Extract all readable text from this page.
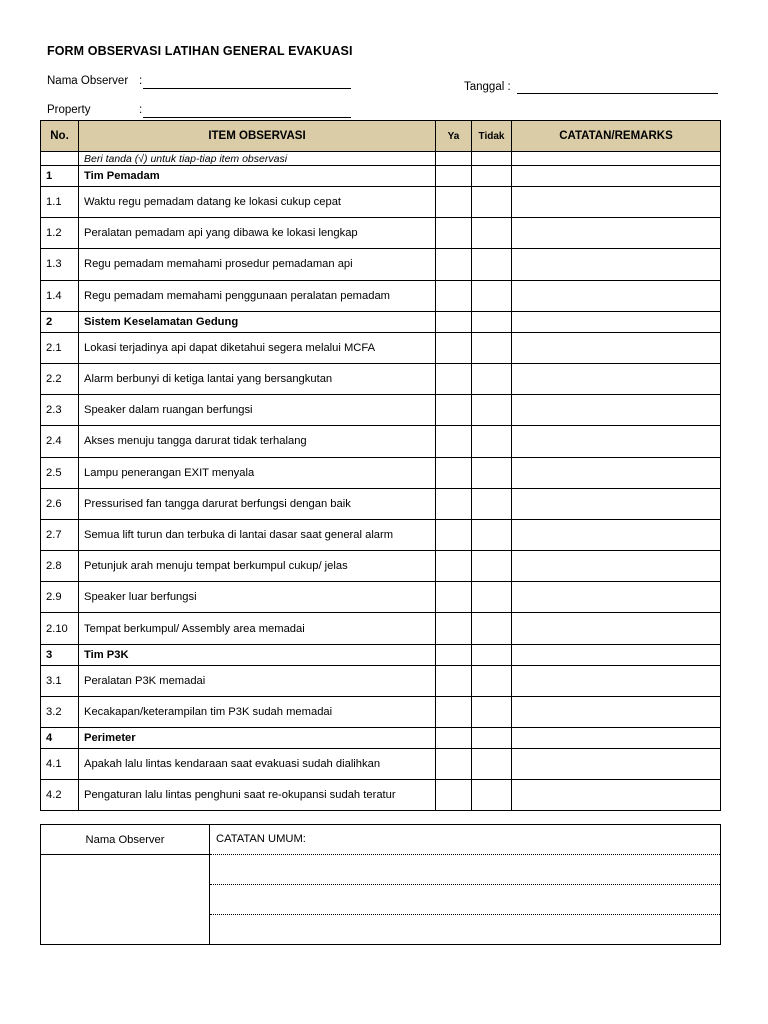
FORM OBSERVASI LATIHAN GENERAL EVAKUASI
Nama Observer :
Property	:
Tanggal :
No.	ITEM OBSERVASI	Ya	Tidak	CATATAN/REMARKS
	Beri tanda (√) untuk tiap-tiap item observasi			
1	Tim Pemadam			
1.1	Waktu regu pemadam datang ke lokasi cukup cepat			
1.2	Peralatan pemadam api yang dibawa ke lokasi lengkap			
1.3	Regu pemadam memahami prosedur pemadaman api			
1.4	Regu pemadam memahami penggunaan peralatan pemadam			
2	Sistem Keselamatan Gedung			
2.1	Lokasi terjadinya api dapat diketahui segera melalui MCFA			
2.2	Alarm berbunyi di ketiga lantai yang bersangkutan			
2.3	Speaker dalam ruangan berfungsi			
2.4	Akses menuju tangga darurat tidak terhalang			
2.5	Lampu penerangan EXIT menyala			
2.6	Pressurised fan tangga darurat berfungsi dengan baik			
2.7	Semua lift turun dan terbuka di lantai dasar saat general alarm			
2.8	Petunjuk arah menuju tempat berkumpul cukup/ jelas			
2.9	Speaker luar berfungsi			
2.10	Tempat berkumpul/ Assembly area memadai			
3	Tim P3K			
3.1	Peralatan P3K memadai			
3.2	Kecakapan/keterampilan tim P3K sudah memadai			
4	Perimeter			
4.1	Apakah lalu lintas kendaraan saat evakuasi sudah dialihkan			
4.2	Pengaturan lalu lintas penghuni saat re-okupansi sudah teratur			
Nama Observer	CATATAN UMUM:
